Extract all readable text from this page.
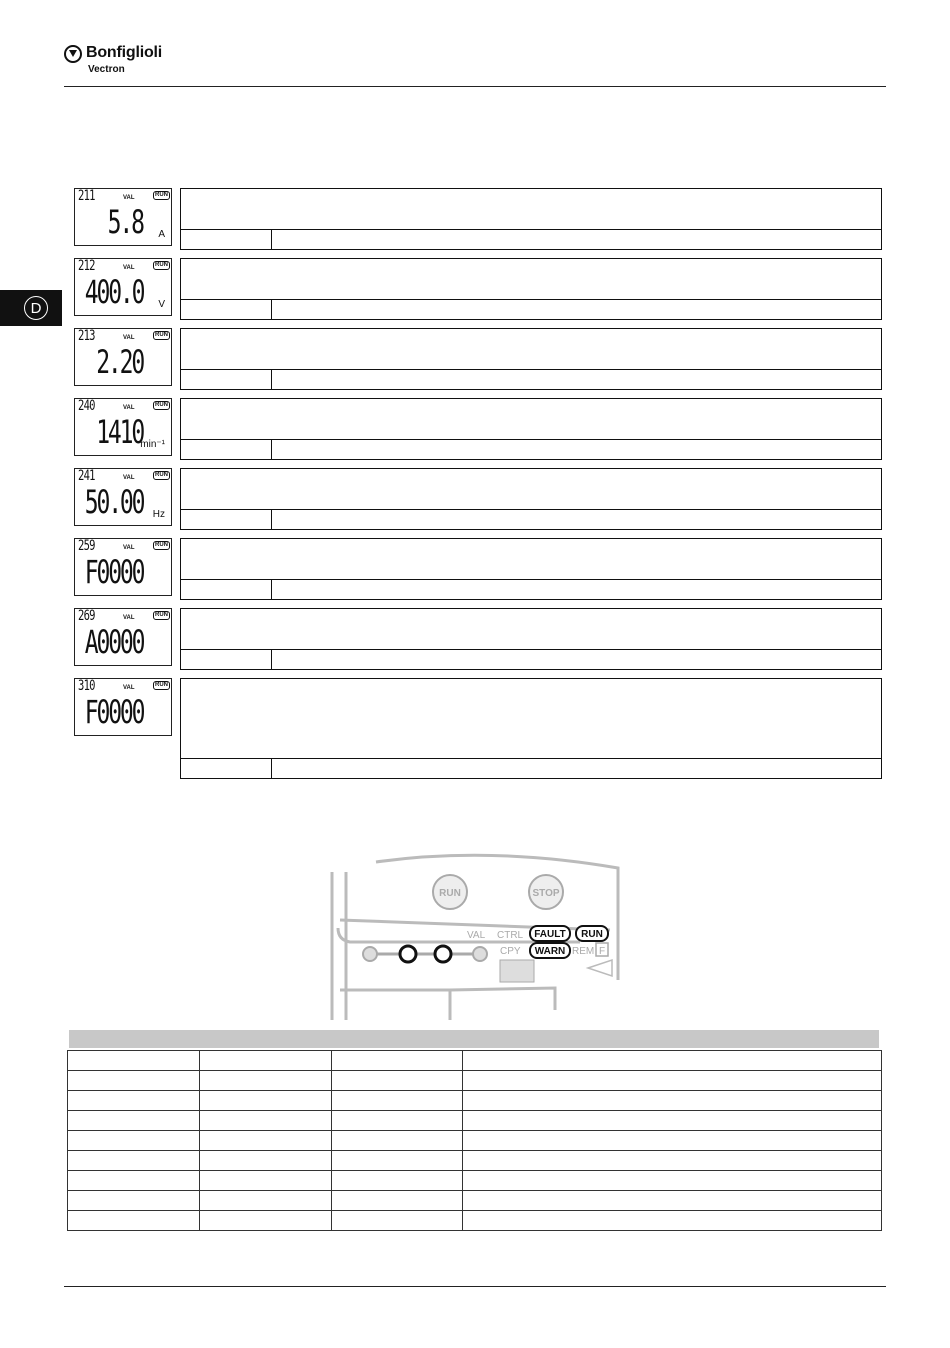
Bonfiglioli
Vectron
D
211	VAL	RUN
5.8 A
212	VAL	RUN
400.0 V
213	VAL	RUN
2.20
240	VAL	RUN
1410
min⁻¹
241	VAL	RUN
50.00 Hz
259	VAL	RUN
F0000
269	VAL	RUN
A0000
310	VAL	RUN
F0000
RUN	STOP
VAL CTRL
CPY
FAULT RUN
WARN REM F
